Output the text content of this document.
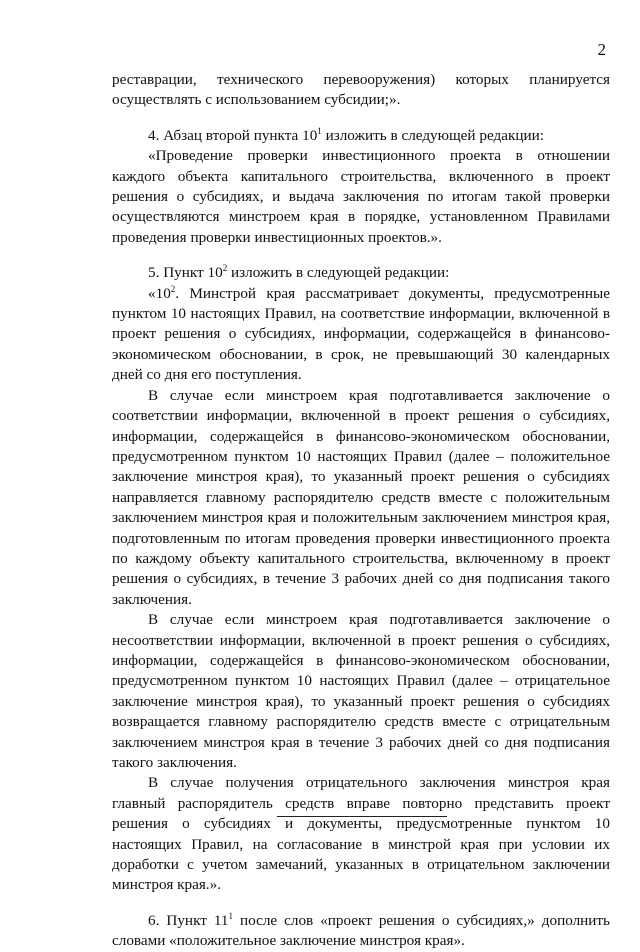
2

реставрации, технического перевооружения) которых планируется осуществлять с использованием субсидии;».

4. Абзац второй пункта $10^1$ изложить в следующей редакции:

«Проведение проверки инвестиционного проекта в отношении каждого объекта капитального строительства, включенного в проект решения о субсидиях, и выдача заключения по итогам такой проверки осуществляются минстроем края в порядке, установленном Правилами проведения проверки инвестиционных проектов.».

5. Пункт $10^2$ изложить в следующей редакции:

«$10^2$. Минстрой края рассматривает документы, предусмотренные пунктом 10 настоящих Правил, на соответствие информации, включенной в проект решения о субсидиях, информации, содержащейся в финансово-экономическом обосновании, в срок, не превышающий 30 календарных дней со дня его поступления.

В случае если минстроем края подготавливается заключение о соответствии информации, включенной в проект решения о субсидиях, информации, содержащейся в финансово-экономическом обосновании, предусмотренном пунктом 10 настоящих Правил (далее – положительное заключение минстроя края), то указанный проект решения о субсидиях направляется главному распорядителю средств вместе с положительным заключением минстроя края и положительным заключением минстроя края, подготовленным по итогам проведения проверки инвестиционного проекта по каждому объекту капитального строительства, включенному в проект решения о субсидиях, в течение 3 рабочих дней со дня подписания такого заключения.

В случае если минстроем края подготавливается заключение о несоответствии информации, включенной в проект решения о субсидиях, информации, содержащейся в финансово-экономическом обосновании, предусмотренном пунктом 10 настоящих Правил (далее – отрицательное заключение минстроя края), то указанный проект решения о субсидиях возвращается главному распорядителю средств вместе с отрицательным заключением минстроя края в течение 3 рабочих дней со дня подписания такого заключения.

В случае получения отрицательного заключения минстроя края главный распорядитель средств вправе повторно представить проект решения о субсидиях и документы, предусмотренные пунктом 10 настоящих Правил, на согласование в минстрой края при условии их доработки с учетом замечаний, указанных в отрицательном заключении минстроя края.».

6. Пункт $11^1$ после слов «проект решения о субсидиях,» дополнить словами «положительное заключение минстроя края».
